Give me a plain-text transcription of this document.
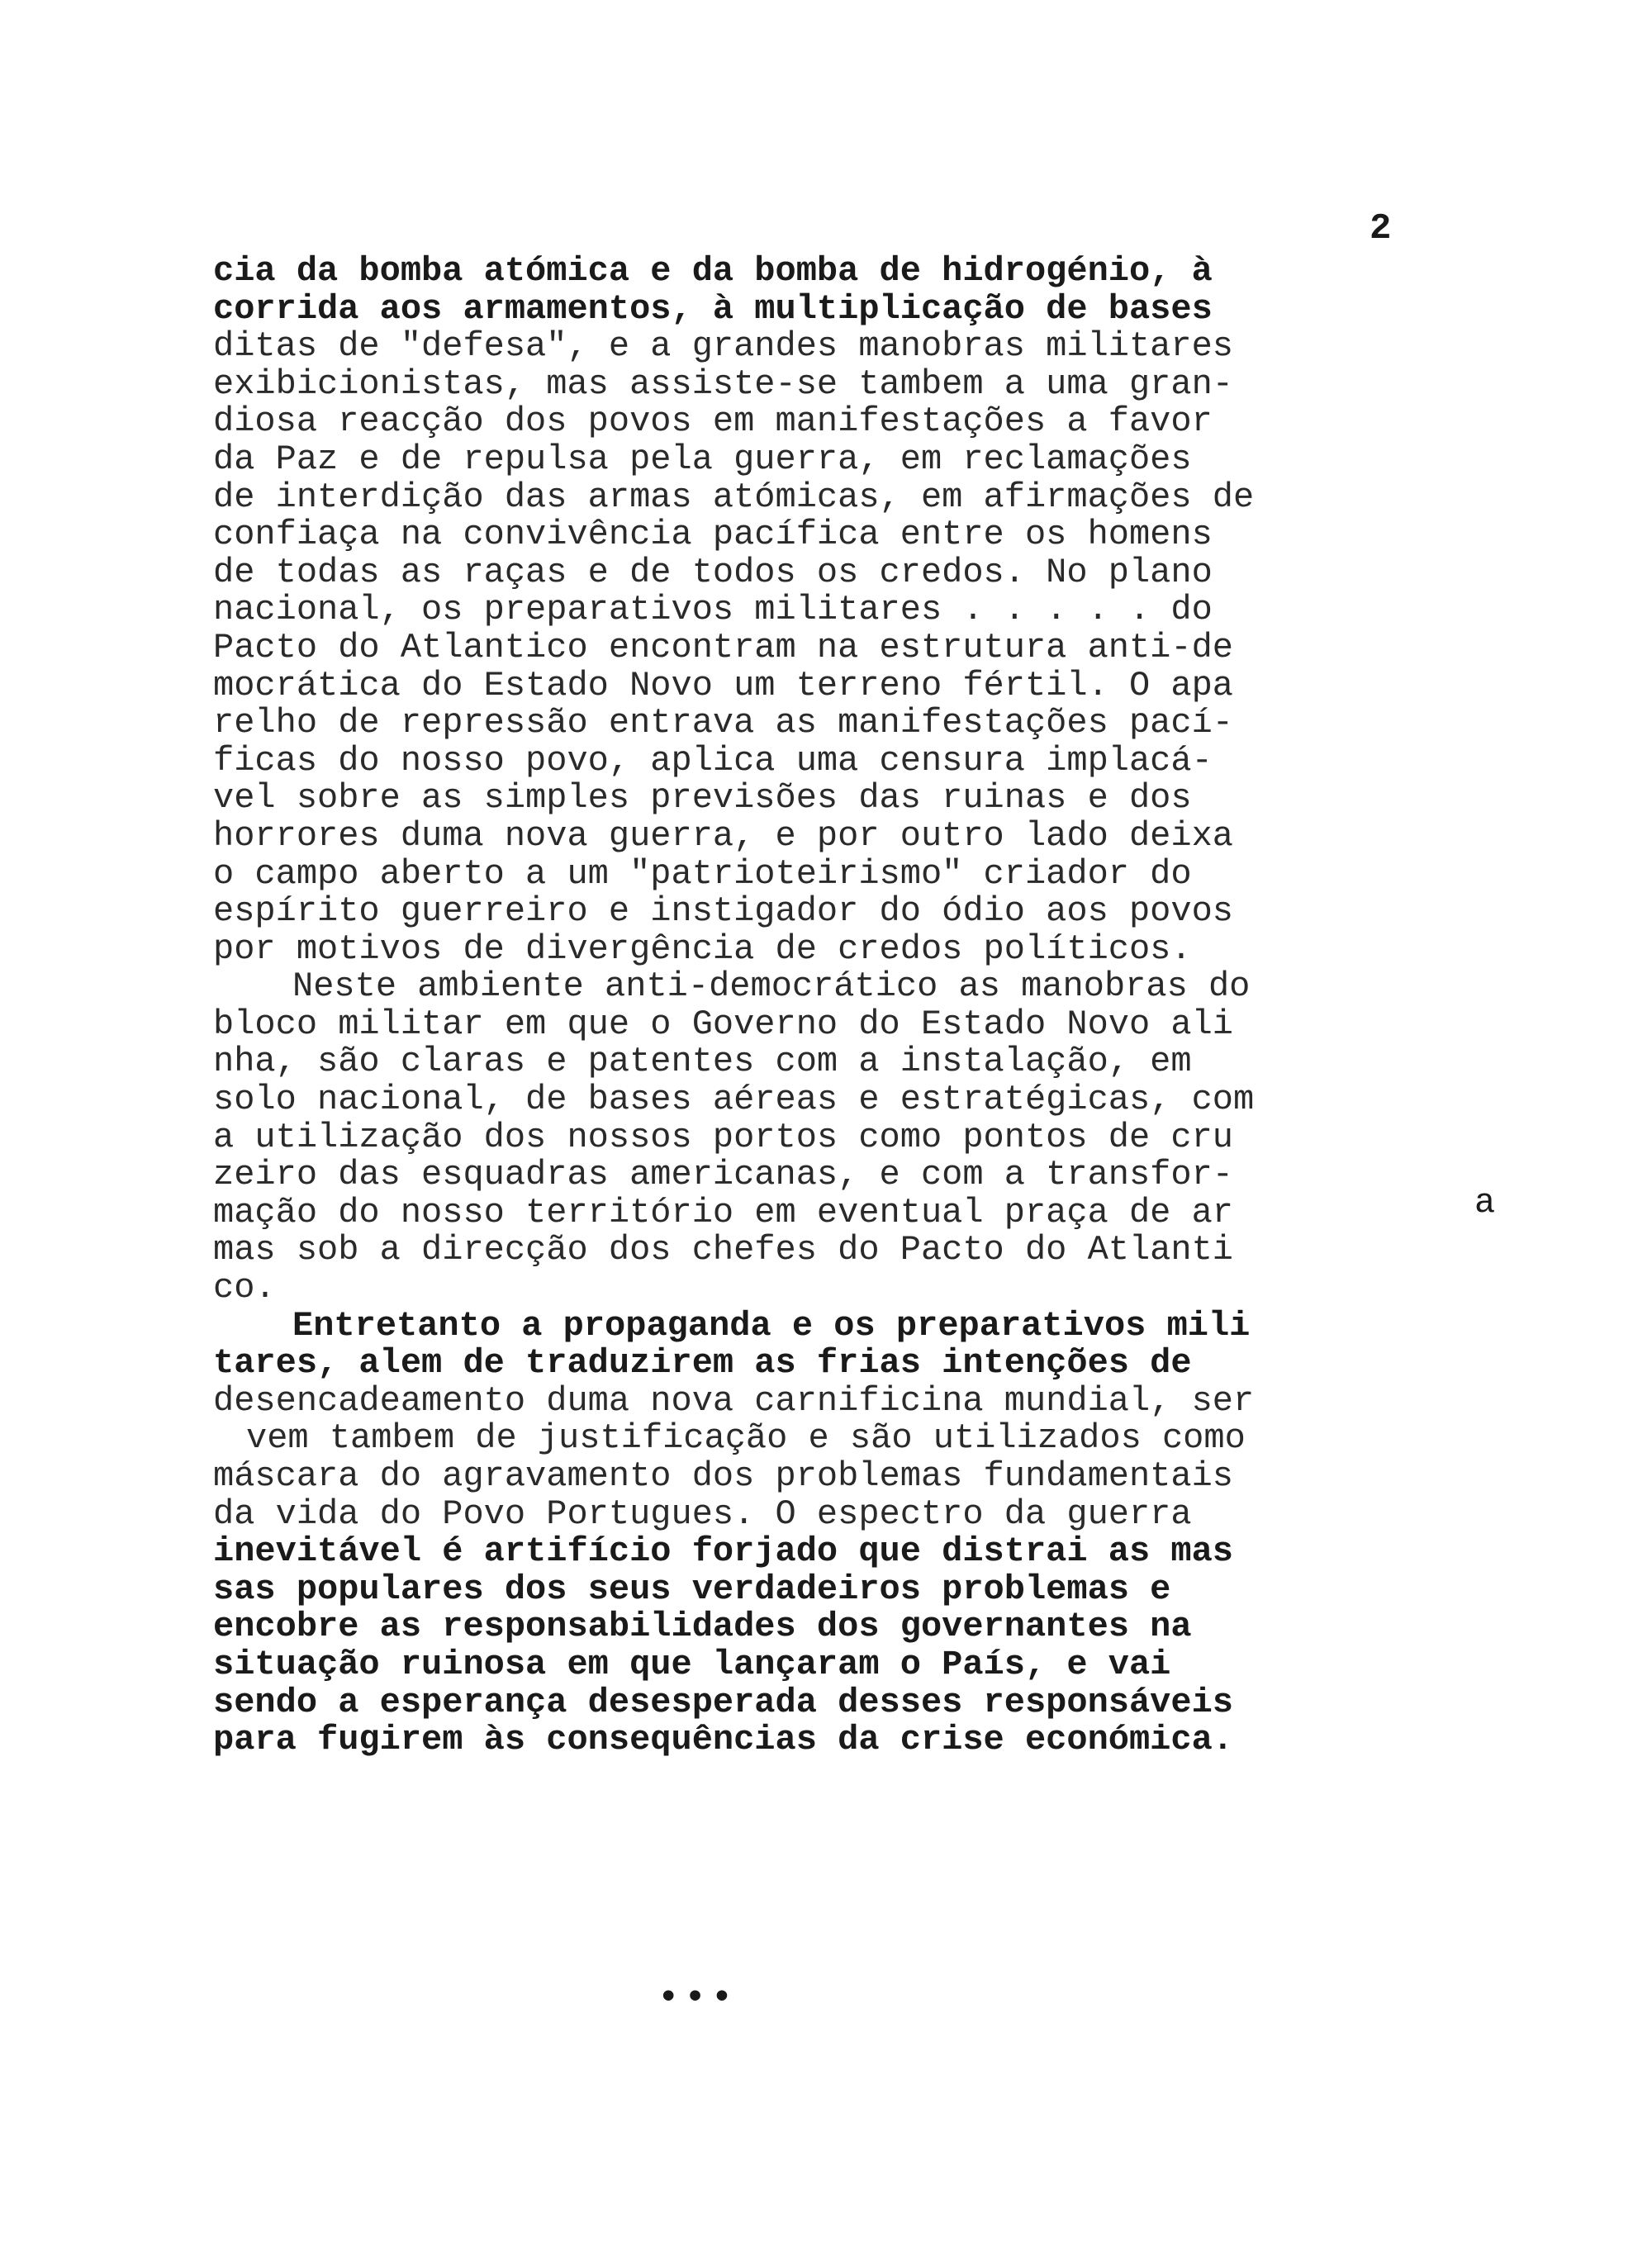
2
cia da bomba atómica e da bomba de hidrogénio, à
corrida aos armamentos, à multiplicação de bases
ditas de "defesa", e a grandes manobras militares
exibicionistas, mas assiste-se tambem a uma gran-
diosa reacção dos povos em manifestações a favor
da Paz e de repulsa pela guerra, em reclamações
de interdição das armas atómicas, em afirmações de
confiaça na convivência pacífica entre os homens
de todas as raças e de todos os credos. No plano
nacional, os preparativos militares . . . . . do
Pacto do Atlantico encontram na estrutura anti-de
mocrática do Estado Novo um terreno fértil. O apa
relho de repressão entrava as manifestações pací-
ficas do nosso povo, aplica uma censura implacá-
vel sobre as simples previsões das ruinas e dos
horrores duma nova guerra, e por outro lado deixa
o campo aberto a um "patrioteirismo" criador do
espírito guerreiro e instigador do ódio aos povos
por motivos de divergência de credos políticos.
Neste ambiente anti-democrático as manobras do
bloco militar em que o Governo do Estado Novo ali
nha, são claras e patentes com a instalação, em
solo nacional, de bases aéreas e estratégicas, com
a utilização dos nossos portos como pontos de cru
zeiro das esquadras americanas, e com a transfor-
mação do nosso território em eventual praça de ar
mas sob a direcção dos chefes do Pacto do Atlanti
co.
Entretanto a propaganda e os preparativos mili
tares, alem de traduzirem as frias intenções de
desencadeamento duma nova carnificina mundial, ser
vem tambem de justificação e são utilizados como
máscara do agravamento dos problemas fundamentais
da vida do Povo Portugues. O espectro da guerra
inevitável é artifício forjado que distrai as mas
sas populares dos seus verdadeiros problemas e
encobre as responsabilidades dos governantes na
situação ruinosa em que lançaram o País, e vai
sendo a esperança desesperada desses responsáveis
para fugirem às consequências da crise económica.
a
•••
